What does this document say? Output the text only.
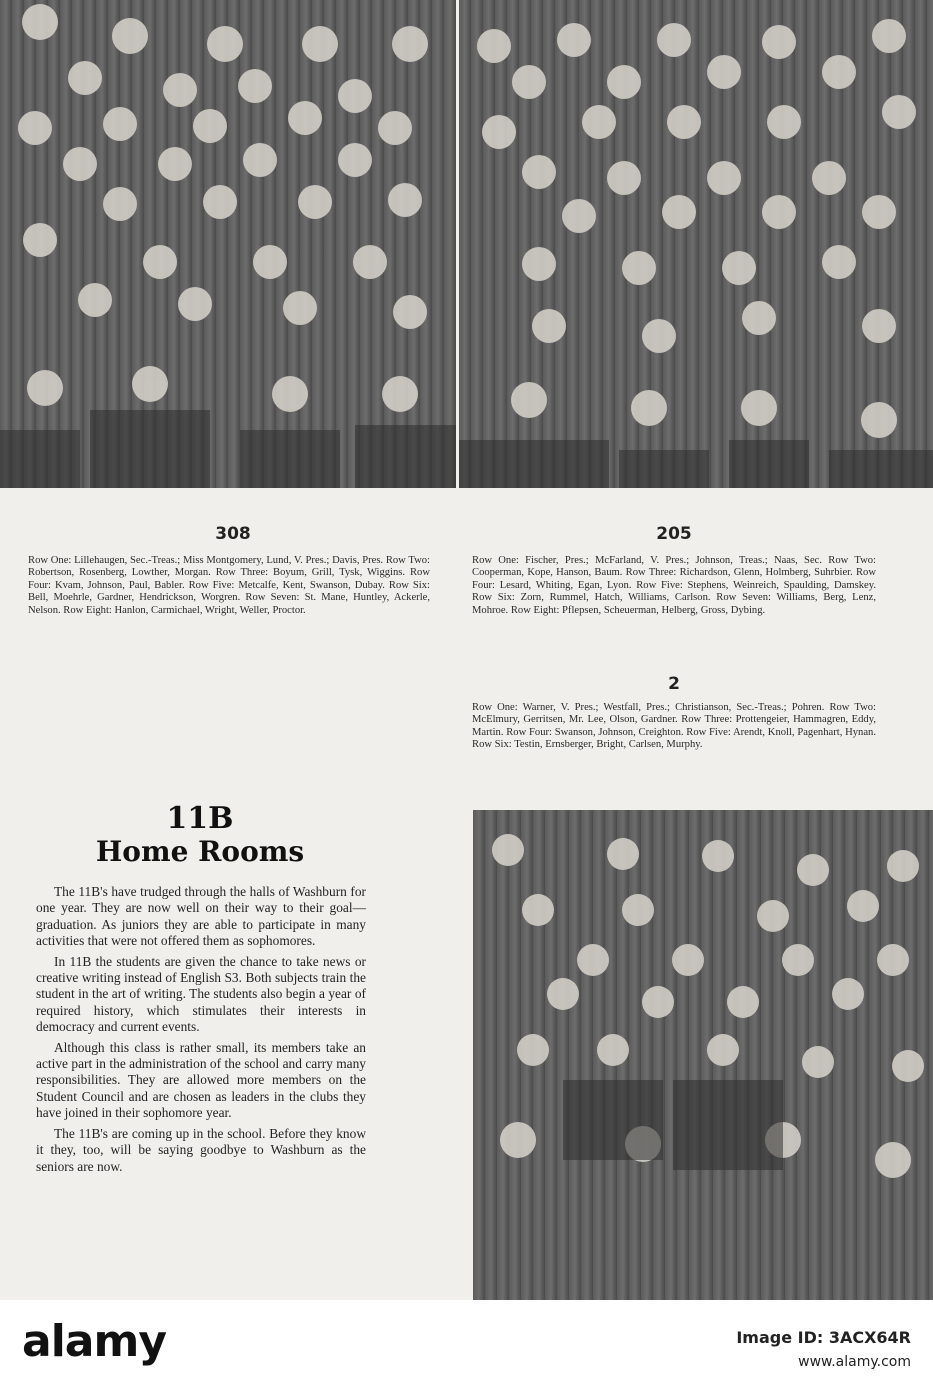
308

Row One: Lillehaugen, Sec.-Treas.; Miss Montgomery, Lund, V. Pres.; Davis, Pres. Row Two: Robertson, Rosenberg, Lowther, Morgan. Row Three: Boyum, Grill, Tysk, Wiggins. Row Four: Kvam, Johnson, Paul, Babler. Row Five: Metcalfe, Kent, Swanson, Dubay. Row Six: Bell, Moehrle, Gardner, Hendrickson, Worgren. Row Seven: St. Mane, Huntley, Ackerle, Nelson. Row Eight: Hanlon, Carmichael, Wright, Weller, Proctor.

205

Row One: Fischer, Pres.; McFarland, V. Pres.; Johnson, Treas.; Naas, Sec. Row Two: Cooperman, Kope, Hanson, Baum. Row Three: Richardson, Glenn, Holmberg, Suhrbier. Row Four: Lesard, Whiting, Egan, Lyon. Row Five: Stephens, Weinreich, Spaulding, Damskey. Row Six: Zorn, Rummel, Hatch, Williams, Carlson. Row Seven: Williams, Berg, Lenz, Mohroe. Row Eight: Pflepsen, Scheuerman, Helberg, Gross, Dybing.

2

Row One: Warner, V. Pres.; Westfall, Pres.; Christianson, Sec.-Treas.; Pohren. Row Two: McElmury, Gerritsen, Mr. Lee, Olson, Gardner. Row Three: Prottengeier, Hammagren, Eddy, Martin. Row Four: Swanson, Johnson, Creighton. Row Five: Arendt, Knoll, Pagenhart, Hynan. Row Six: Testin, Ernsberger, Bright, Carlsen, Murphy.

11B
Home Rooms

The 11B's have trudged through the halls of Washburn for one year. They are now well on their way to their goal—graduation. As juniors they are able to participate in many activities that were not offered them as sophomores.

In 11B the students are given the chance to take news or creative writing instead of English S3. Both subjects train the student in the art of writing. The students also begin a year of required history, which stimulates their interests in democracy and current events.

Although this class is rather small, its members take an active part in the administration of the school and carry many responsibilities. They are allowed more members on the Student Council and are chosen as leaders in the clubs they have joined in their sophomore year.

The 11B's are coming up in the school. Before they know it they, too, will be saying goodbye to Washburn as the seniors are now.

alamy	Image ID: 3ACX64R
www.alamy.com
